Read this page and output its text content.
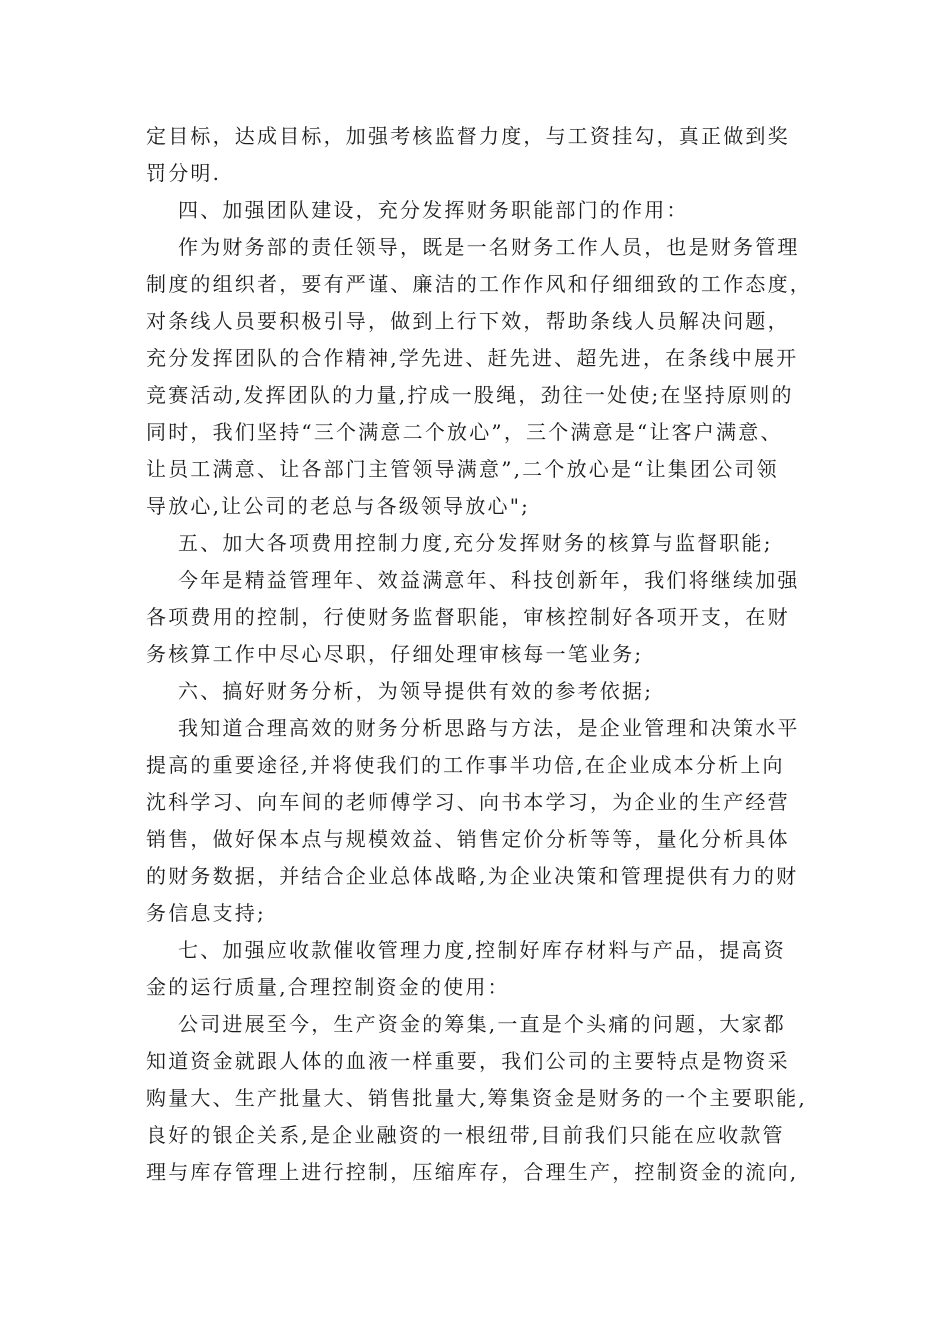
定目标，达成目标，加强考核监督力度，与工资挂勾，真正做到奖
罚分明.
四、加强团队建设，充分发挥财务职能部门的作用：
作为财务部的责任领导，既是一名财务工作人员，也是财务管理
制度的组织者，要有严谨、廉洁的工作作风和仔细细致的工作态度，
对条线人员要积极引导，做到上行下效，帮助条线人员解决问题，
充分发挥团队的合作精神,学先进、赶先进、超先进，在条线中展开
竞赛活动,发挥团队的力量,拧成一股绳，劲往一处使;在坚持原则的
同时，我们坚持“三个满意二个放心”，三个满意是“让客户满意、
让员工满意、让各部门主管领导满意”,二个放心是“让集团公司领
导放心,让公司的老总与各级领导放心";
五、加大各项费用控制力度,充分发挥财务的核算与监督职能;
今年是精益管理年、效益满意年、科技创新年，我们将继续加强
各项费用的控制，行使财务监督职能，审核控制好各项开支，在财
务核算工作中尽心尽职，仔细处理审核每一笔业务;
六、搞好财务分析，为领导提供有效的参考依据;
我知道合理高效的财务分析思路与方法，是企业管理和决策水平
提高的重要途径,并将使我们的工作事半功倍,在企业成本分析上向
沈科学习、向车间的老师傅学习、向书本学习，为企业的生产经营
销售，做好保本点与规模效益、销售定价分析等等，量化分析具体
的财务数据，并结合企业总体战略,为企业决策和管理提供有力的财
务信息支持;
七、加强应收款催收管理力度,控制好库存材料与产品，提高资
金的运行质量,合理控制资金的使用：
公司进展至今，生产资金的筹集,一直是个头痛的问题，大家都
知道资金就跟人体的血液一样重要，我们公司的主要特点是物资采
购量大、生产批量大、销售批量大,筹集资金是财务的一个主要职能,
良好的银企关系,是企业融资的一根纽带,目前我们只能在应收款管
理与库存管理上进行控制，压缩库存，合理生产，控制资金的流向,
